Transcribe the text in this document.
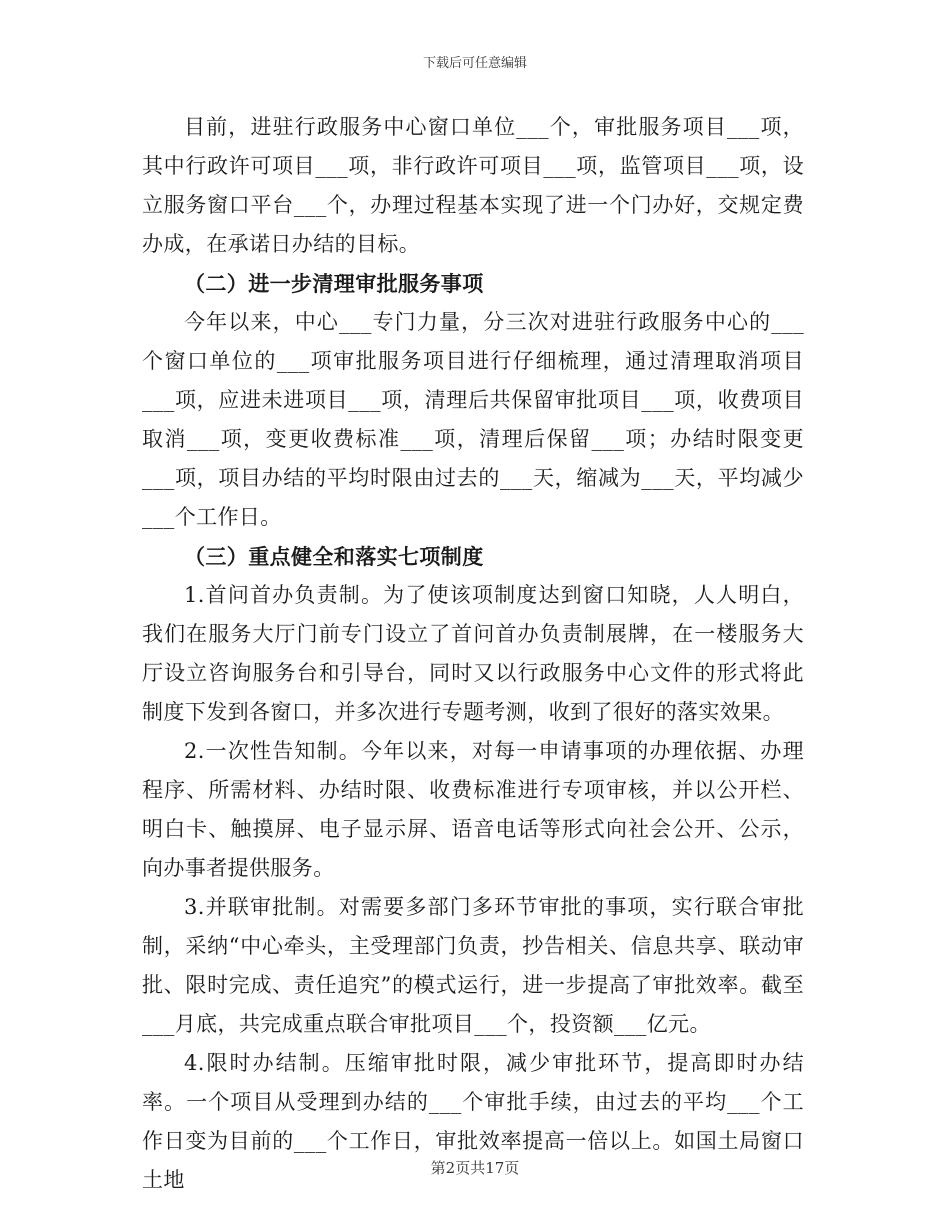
下载后可任意编辑

目前，进驻行政服务中心窗口单位___个，审批服务项目___项，其中行政许可项目___项，非行政许可项目___项，监管项目___项，设立服务窗口平台___个，办理过程基本实现了进一个门办好，交规定费办成，在承诺日办结的目标。

（二）进一步清理审批服务事项

今年以来，中心___专门力量，分三次对进驻行政服务中心的___个窗口单位的___项审批服务项目进行仔细梳理，通过清理取消项目___项，应进未进项目___项，清理后共保留审批项目___项，收费项目取消___项，变更收费标准___项，清理后保留___项；办结时限变更___项，项目办结的平均时限由过去的___天，缩减为___天，平均减少___个工作日。

（三）重点健全和落实七项制度

1.首问首办负责制。为了使该项制度达到窗口知晓，人人明白，我们在服务大厅门前专门设立了首问首办负责制展牌，在一楼服务大厅设立咨询服务台和引导台，同时又以行政服务中心文件的形式将此制度下发到各窗口，并多次进行专题考测，收到了很好的落实效果。

2.一次性告知制。今年以来，对每一申请事项的办理依据、办理程序、所需材料、办结时限、收费标准进行专项审核，并以公开栏、明白卡、触摸屏、电子显示屏、语音电话等形式向社会公开、公示，向办事者提供服务。

3.并联审批制。对需要多部门多环节审批的事项，实行联合审批制，采纳“中心牵头，主受理部门负责，抄告相关、信息共享、联动审批、限时完成、责任追究”的模式运行，进一步提高了审批效率。截至___月底，共完成重点联合审批项目___个，投资额___亿元。

4.限时办结制。压缩审批时限，减少审批环节，提高即时办结率。一个项目从受理到办结的___个审批手续，由过去的平均___个工作日变为目前的___个工作日，审批效率提高一倍以上。如国土局窗口土地	第2页共17页
